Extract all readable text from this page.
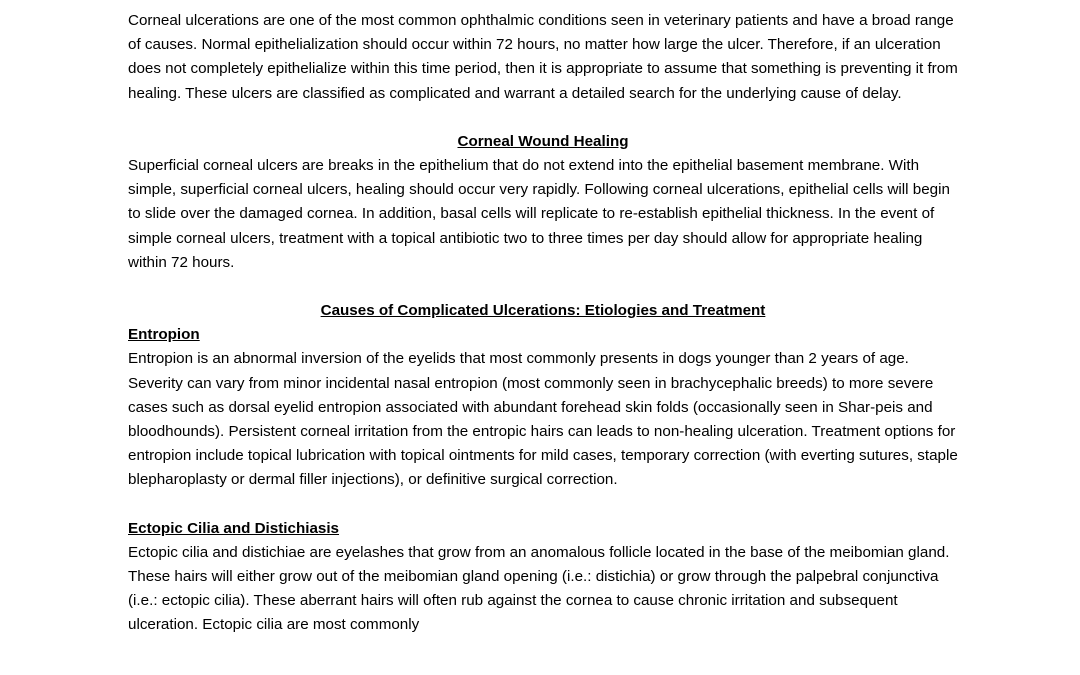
Corneal ulcerations are one of the most common ophthalmic conditions seen in veterinary patients and have a broad range of causes. Normal epithelialization should occur within 72 hours, no matter how large the ulcer. Therefore, if an ulceration does not completely epithelialize within this time period, then it is appropriate to assume that something is preventing it from healing. These ulcers are classified as complicated and warrant a detailed search for the underlying cause of delay.

Corneal Wound Healing

Superficial corneal ulcers are breaks in the epithelium that do not extend into the epithelial basement membrane. With simple, superficial corneal ulcers, healing should occur very rapidly. Following corneal ulcerations, epithelial cells will begin to slide over the damaged cornea. In addition, basal cells will replicate to re-establish epithelial thickness. In the event of simple corneal ulcers, treatment with a topical antibiotic two to three times per day should allow for appropriate healing within 72 hours.

Causes of Complicated Ulcerations: Etiologies and Treatment

Entropion

Entropion is an abnormal inversion of the eyelids that most commonly presents in dogs younger than 2 years of age. Severity can vary from minor incidental nasal entropion (most commonly seen in brachycephalic breeds) to more severe cases such as dorsal eyelid entropion associated with abundant forehead skin folds (occasionally seen in Shar-peis and bloodhounds). Persistent corneal irritation from the entropic hairs can leads to non-healing ulceration. Treatment options for entropion include topical lubrication with topical ointments for mild cases, temporary correction (with everting sutures, staple blepharoplasty or dermal filler injections), or definitive surgical correction.

Ectopic Cilia and Distichiasis

Ectopic cilia and distichiae are eyelashes that grow from an anomalous follicle located in the base of the meibomian gland. These hairs will either grow out of the meibomian gland opening (i.e.: distichia) or grow through the palpebral conjunctiva (i.e.: ectopic cilia). These aberrant hairs will often rub against the cornea to cause chronic irritation and subsequent ulceration. Ectopic cilia are most commonly
